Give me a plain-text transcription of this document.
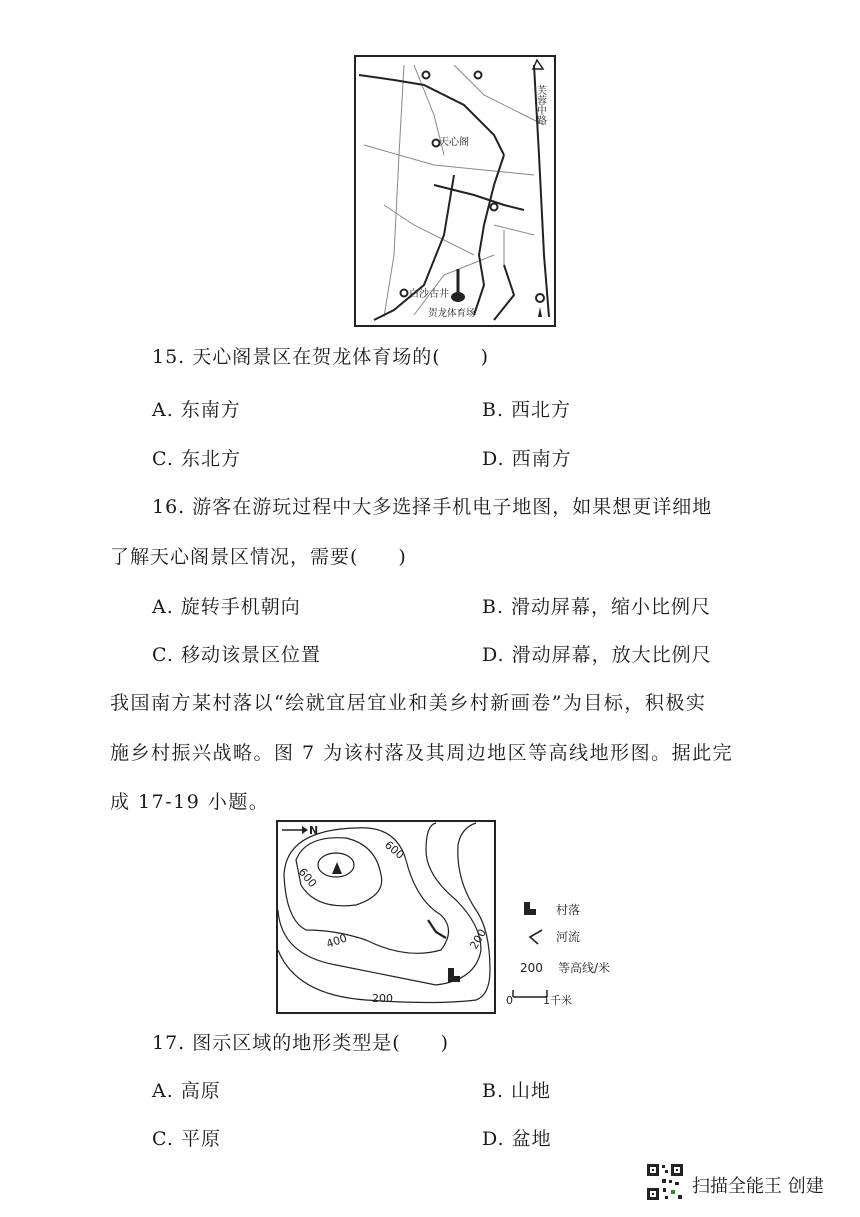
天心阁
芙蓉中路
白沙古井
贺龙体育场
15. 天心阁景区在贺龙体育场的(　　)
A. 东南方	B. 西北方
C. 东北方	D. 西南方
16. 游客在游玩过程中大多选择手机电子地图，如果想更详细地
了解天心阁景区情况，需要(　　)
A. 旋转手机朝向	B. 滑动屏幕，缩小比例尺
C. 移动该景区位置	D. 滑动屏幕，放大比例尺
我国南方某村落以“绘就宜居宜业和美乡村新画卷”为目标，积极实
施乡村振兴战略。图 7 为该村落及其周边地区等高线地形图。据此完
成 17-19 小题。
N
600
600
400	200
200
村落
河流
200 等高线/米
0	1千米
17. 图示区域的地形类型是(　　)
A. 高原	B. 山地
C. 平原	D. 盆地
扫描全能王 创建
